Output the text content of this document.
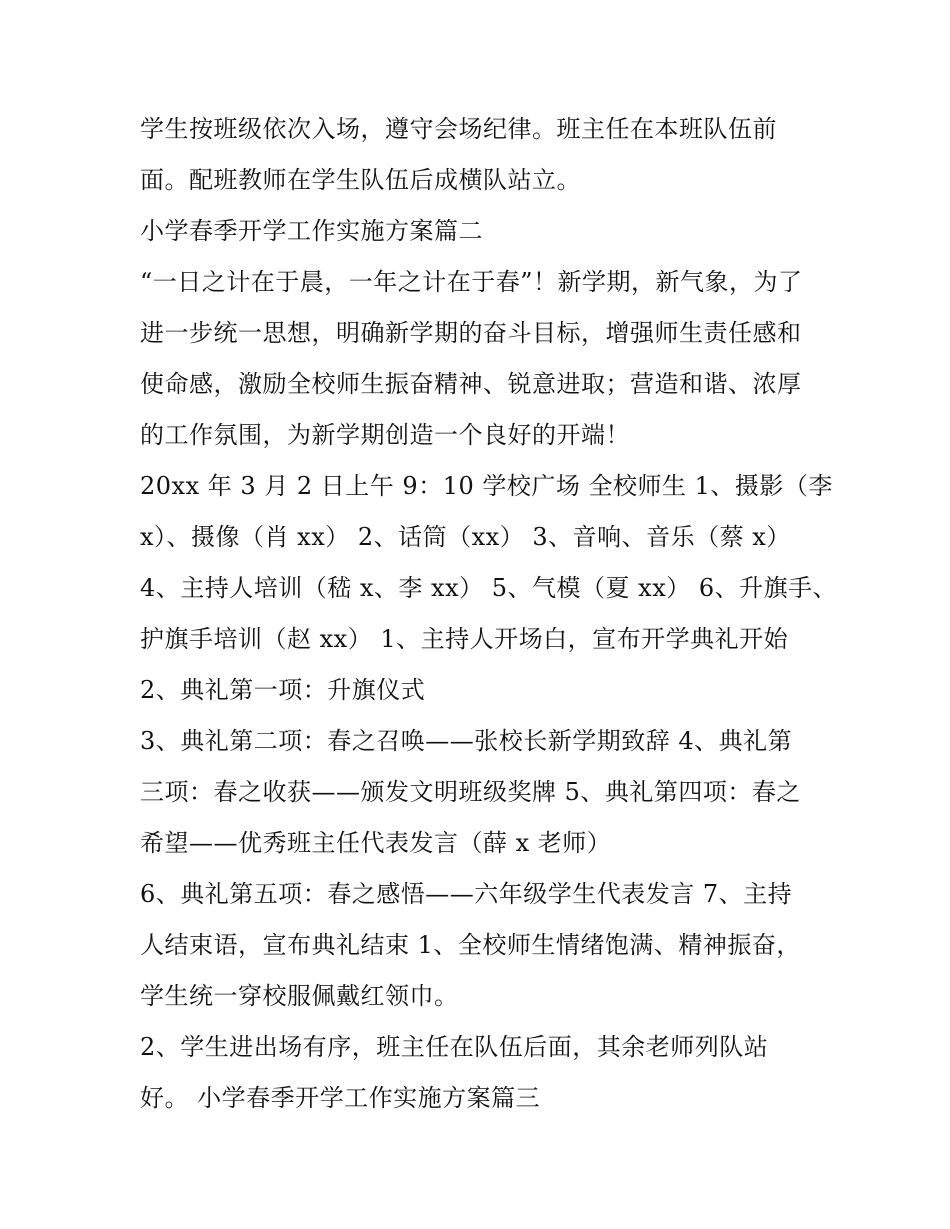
学生按班级依次入场，遵守会场纪律。班主任在本班队伍前
面。配班教师在学生队伍后成横队站立。
小学春季开学工作实施方案篇二
“一日之计在于晨，一年之计在于春”！新学期，新气象，为了
进一步统一思想，明确新学期的奋斗目标，增强师生责任感和
使命感，激励全校师生振奋精神、锐意进取；营造和谐、浓厚
的工作氛围，为新学期创造一个良好的开端！
20xx 年 3 月 2 日上午 9：10 学校广场 全校师生 1、摄影（李
x）、摄像（肖 xx） 2、话筒（xx） 3、音响、音乐（蔡 x）
4、主持人培训（嵇 x、李 xx） 5、气模（夏 xx） 6、升旗手、
护旗手培训（赵 xx） 1、主持人开场白，宣布开学典礼开始
2、典礼第一项：升旗仪式
3、典礼第二项：春之召唤——张校长新学期致辞 4、典礼第
三项：春之收获——颁发文明班级奖牌 5、典礼第四项：春之
希望——优秀班主任代表发言（薛 x 老师）
6、典礼第五项：春之感悟——六年级学生代表发言 7、主持
人结束语，宣布典礼结束 1、全校师生情绪饱满、精神振奋，
学生统一穿校服佩戴红领巾。
2、学生进出场有序，班主任在队伍后面，其余老师列队站
好。 小学春季开学工作实施方案篇三
